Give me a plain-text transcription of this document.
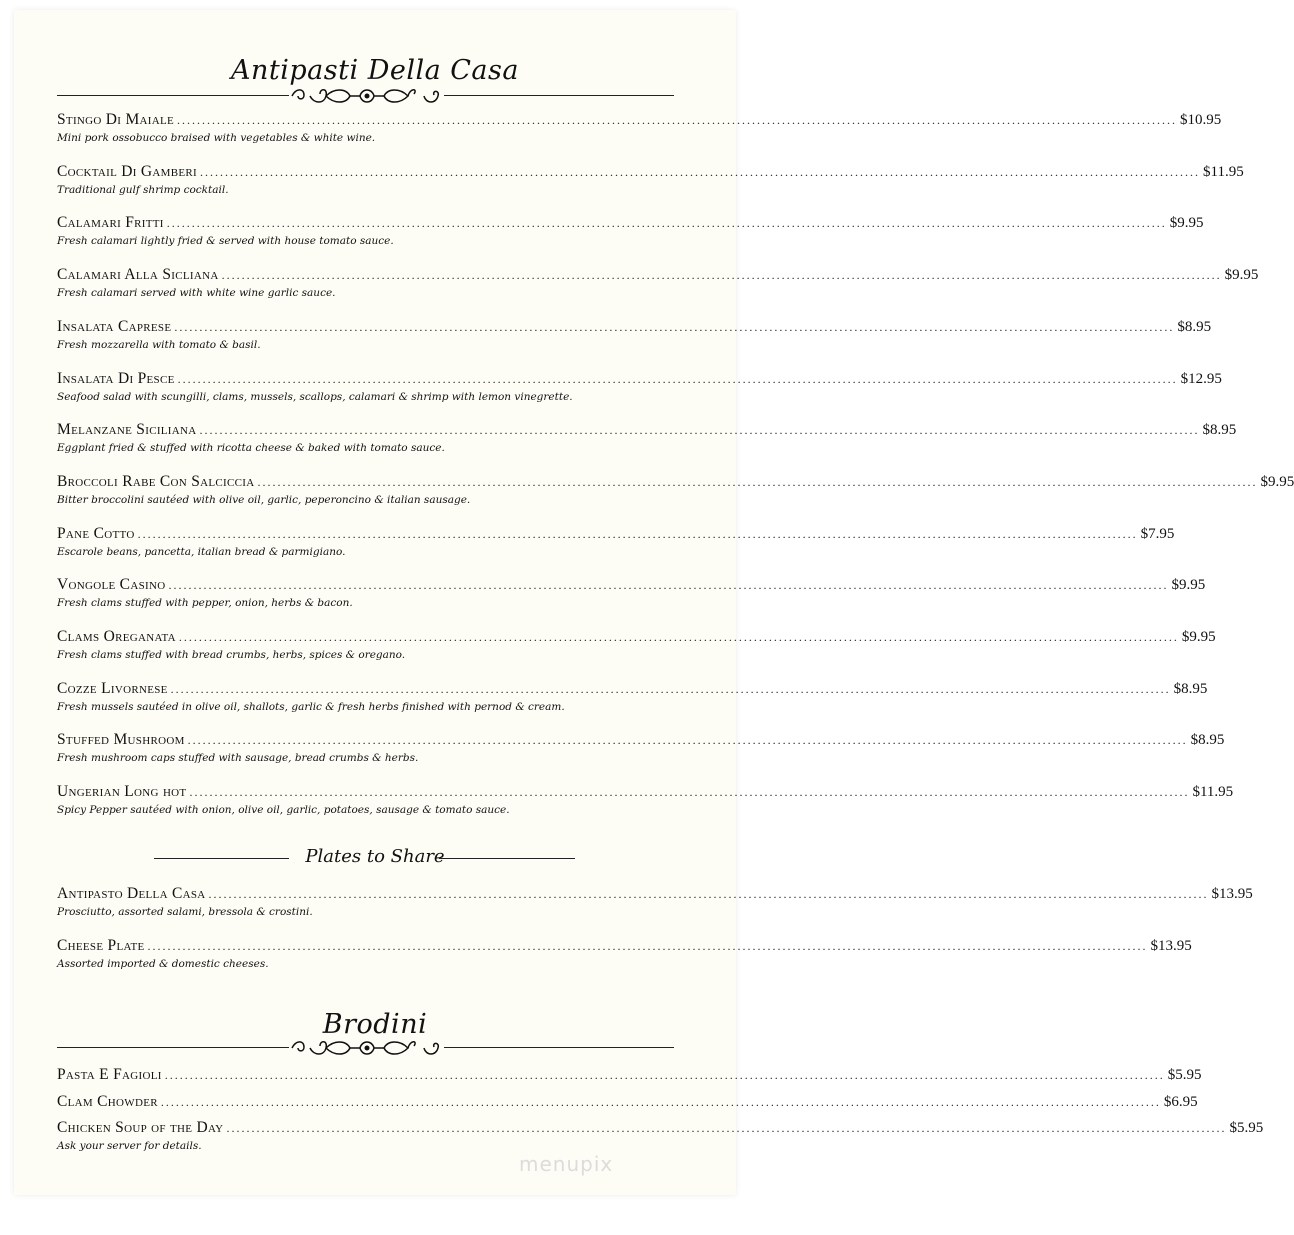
Antipasti Della Casa
Stingo Di Maiale ........................................................................................................................................................................................................ $10.95
Mini pork ossobucco braised with vegetables & white wine.
Cocktail Di Gamberi ........................................................................................................................................................................................................ $11.95
Traditional gulf shrimp cocktail.
Calamari Fritti ........................................................................................................................................................................................................ $9.95
Fresh calamari lightly fried & served with house tomato sauce.
Calamari Alla Sicliana ........................................................................................................................................................................................................ $9.95
Fresh calamari served with white wine garlic sauce.
Insalata Caprese ........................................................................................................................................................................................................ $8.95
Fresh mozzarella with tomato & basil.
Insalata Di Pesce ........................................................................................................................................................................................................ $12.95
Seafood salad with scungilli, clams, mussels, scallops, calamari & shrimp with lemon vinegrette.
Melanzane Siciliana ........................................................................................................................................................................................................ $8.95
Eggplant fried & stuffed with ricotta cheese & baked with tomato sauce.
Broccoli Rabe Con Salciccia ........................................................................................................................................................................................................ $9.95
Bitter broccolini sautéed with olive oil, garlic, peperoncino & italian sausage.
Pane Cotto ........................................................................................................................................................................................................ $7.95
Escarole beans, pancetta, italian bread & parmigiano.
Vongole Casino ........................................................................................................................................................................................................ $9.95
Fresh clams stuffed with pepper, onion, herbs & bacon.
Clams Oreganata ........................................................................................................................................................................................................ $9.95
Fresh clams stuffed with bread crumbs, herbs, spices & oregano.
Cozze Livornese ........................................................................................................................................................................................................ $8.95
Fresh mussels sautéed in olive oil, shallots, garlic & fresh herbs finished with pernod & cream.
Stuffed Mushroom ........................................................................................................................................................................................................ $8.95
Fresh mushroom caps stuffed with sausage, bread crumbs & herbs.
Ungerian Long hot ........................................................................................................................................................................................................ $11.95
Spicy Pepper sautéed with onion, olive oil, garlic, potatoes, sausage & tomato sauce.
Plates to Share
Antipasto Della Casa ........................................................................................................................................................................................................ $13.95
Prosciutto, assorted salami, bressola & crostini.
Cheese Plate ........................................................................................................................................................................................................ $13.95
Assorted imported & domestic cheeses.
Brodini
Pasta E Fagioli ........................................................................................................................................................................................................ $5.95
Clam Chowder ........................................................................................................................................................................................................ $6.95
Chicken Soup of the Day ........................................................................................................................................................................................................ $5.95
Ask your server for details.
menupix
